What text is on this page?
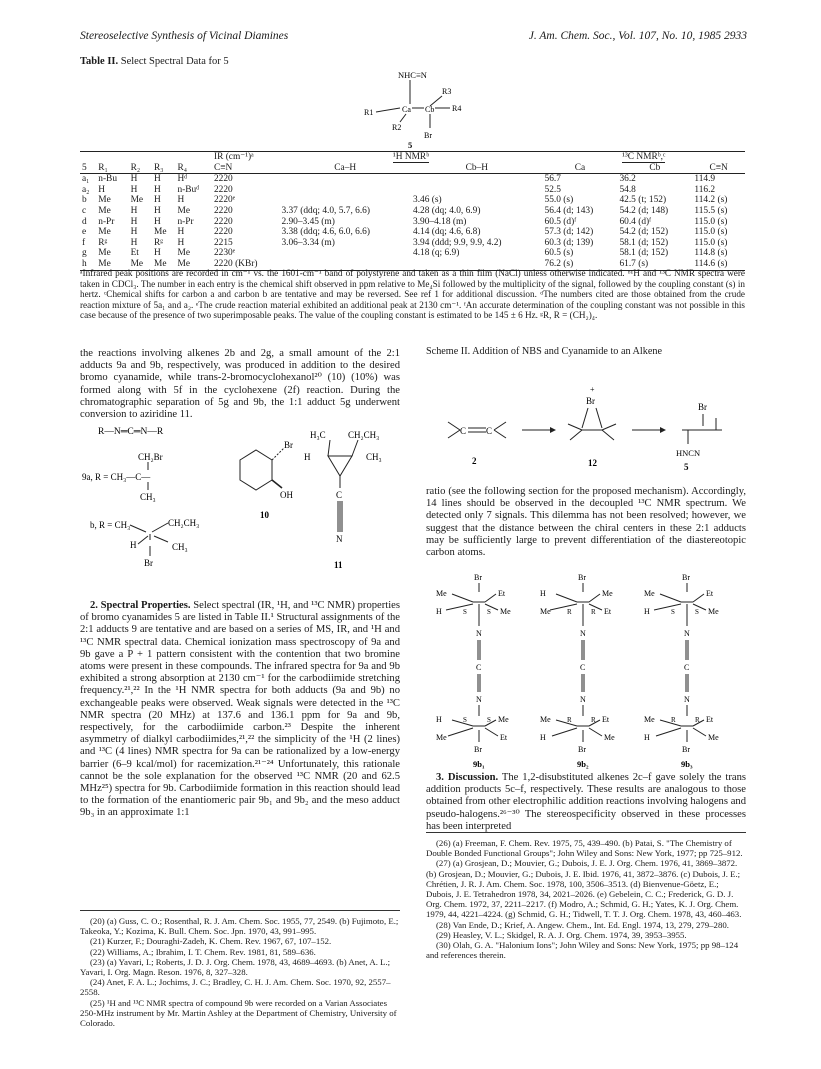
Stereoselective Synthesis of Vicinal Diamines	J. Am. Chem. Soc., Vol. 107, No. 10, 1985 2933
Table II. Select Spectral Data for 5
NHC≡N
R3
R4
R1	Ca Cb
R2
Br
5
					IR (cm⁻¹)ᵃ	¹H NMRᵇ		¹³C NMRᵇ,ᶜ		
5	R₁	R₂	R₃	R₄	C≡N	Ca–H	Cb–H	Ca	Cb	C≡N
a₁	n-Bu	H	H	Hᵈ	2220			56.7	36.2	114.9
a₂	H	H	H	n-Buᵈ	2220			52.5	54.8	116.2
b	Me	Me	H	H	2220ᵉ		3.46 (s)	55.0 (s)	42.5 (t; 152)	114.2 (s)
c	Me	H	H	Me	2220	3.37 (ddq; 4.0, 5.7, 6.6)	4.28 (dq; 4.0, 6.9)	56.4 (d; 143)	54.2 (d; 148)	115.5 (s)
d	n-Pr	H	H	n-Pr	2220	2.90–3.45 (m)	3.90–4.18 (m)	60.5 (d)ᶠ	60.4 (d)ᶠ	115.0 (s)
e	Me	H	Me	H	2220	3.38 (ddq; 4.6, 6.0, 6.6)	4.14 (dq; 4.6, 6.8)	57.3 (d; 142)	54.2 (d; 152)	115.0 (s)
f	Rᵍ	H	Rᵍ	H	2215	3.06–3.34 (m)	3.94 (ddd; 9.9, 9.9, 4.2)	60.3 (d; 139)	58.1 (d; 152)	115.0 (s)
g	Me	Et	H	Me	2230ᵉ		4.18 (q; 6.9)	60.5 (s)	58.1 (d; 152)	114.8 (s)
h	Me	Me	Me	Me	2220 (KBr)			76.2 (s)	61.7 (s)	114.6 (s)
ᵃInfrared peak positions are recorded in cm⁻¹ vs. the 1601-cm⁻¹ band of polystyrene and taken as a thin film (NaCl) unless otherwise indicated. ᵇ¹H and ¹³C NMR spectra were taken in CDCl₃. The number in each entry is the chemical shift observed in ppm relative to Me₄Si followed by the multiplicity of the signal, followed by the coupling constant (s) in hertz. ᶜChemical shifts for carbon a and carbon b are tentative and may be reversed. See ref 1 for additional discussion. ᵈThe numbers cited are those obtained from the crude reaction mixture of 5a₁ and a₂. ᵉThe crude reaction material exhibited an additional peak at 2130 cm⁻¹. ᶠAn accurate determination of the coupling constant was not possible in this case because of the presence of two superimposable peaks. The value of the coupling constant is estimated to be 145 ± 6 Hz. ᵍR, R = (CH₂)₄.
the reactions involving alkenes 2b and 2g, a small amount of the 2:1 adducts 9a and 9b, respectively, was produced in addition to the desired bromo cyanamide, while trans-2-bromocyclohexanol²⁰ (10) (10%) was formed along with 5f in the cyclohexene (2f) reaction. During the chromatographic separation of 5g and 9b, the 1:1 adduct 5g underwent conversion to aziridine 11.
R—N═C═N—R
CH₂Br
9a, R = CH₃—C—
CH₃
b, R = CH₃	CH₂CH₃
H	CH₃
Br
Br
OH
10
H₃C CH₂CH₃
H	CH₃
C
N
11

2. Spectral Properties. Select spectral (IR, ¹H, and ¹³C NMR) properties of bromo cyanamides 5 are listed in Table II.¹ Structural assignments of the 2:1 adducts 9 are tentative and are based on a series of MS, IR, and ¹H and ¹³C NMR spectral data. Chemical ionization mass spectroscopy of 9a and 9b gave a P + 1 pattern consistent with the contention that two bromine atoms were present in these compounds. The infrared spectra for 9a and 9b exhibited a strong absorption at 2130 cm⁻¹ for the carbodiimide stretching frequency.²¹,²² In the ¹H NMR spectra for both adducts (9a and 9b) no exchangeable peaks were observed. Weak signals were detected in the ¹³C NMR spectra (20 MHz) at 137.6 and 136.1 ppm for 9a and 9b, respectively, for the carbodiimide carbon.²³ Despite the inherent asymmetry of dialkyl carbodiimides,²¹,²² the simplicity of the ¹H (2 lines) and ¹³C (4 lines) NMR spectra for 9a can be rationalized by a low-energy barrier (6–9 kcal/mol) for racemization.²¹⁻²⁴ Unfortunately, this rationale cannot be the sole explanation for the observed ¹³C NMR (20 and 62.5 MHz²⁵) spectra for 9b. Carbodiimide formation in this reaction should lead to the formation of the enantiomeric pair 9b₁ and 9b₂ and the meso adduct 9b₃ in an approximate 1:1

(20) (a) Guss, C. O.; Rosenthal, R. J. Am. Chem. Soc. 1955, 77, 2549. (b) Fujimoto, E.; Takeoka, Y.; Kozima, K. Bull. Chem. Soc. Jpn. 1970, 43, 991–995.

(21) Kurzer, F.; Douraghi-Zadeh, K. Chem. Rev. 1967, 67, 107–152.

(22) Williams, A.; Ibrahim, I. T. Chem. Rev. 1981, 81, 589–636.

(23) (a) Yavari, I.; Roberts, J. D. J. Org. Chem. 1978, 43, 4689–4693. (b) Anet, A. L.; Yavari, I. Org. Magn. Reson. 1976, 8, 327–328.

(24) Anet, F. A. L.; Jochims, J. C.; Bradley, C. H. J. Am. Chem. Soc. 1970, 92, 2557–2558.

(25) ¹H and ¹³C NMR spectra of compound 9b were recorded on a Varian Associates 250-MHz instrument by Mr. Martin Ashley at the Department of Chemistry, University of Colorado.

Scheme II. Addition of NBS and Cyanamide to an Alkene
C C
2
+
Br
12
Br
HNCN
5
ratio (see the following section for the proposed mechanism). Accordingly, 14 lines should be observed in the decoupled ¹³C NMR spectrum. We detected only 7 signals. This dilemma has not been resolved; however, we suggest that the distance between the chiral centers in these 2:1 adducts may be sufficiently large to prevent differentiation of the diastereotopic carbon atoms.
Br
Me	Et
H	S	S Me
N
C
N
H	S	S Me
Me	Et
Br
9b₁
Br
H	Me
Me R	R Et
N
C
N
Me R	R Et
H	Me
Br
9b₂
Br
Me	Et
H	S	S Me
N
C
N
Me R	R Et
H	Me
Br
9b₃

3. Discussion. The 1,2-disubstituted alkenes 2c–f gave solely the trans addition products 5c–f, respectively. These results are analogous to those obtained from other electrophilic addition reactions involving halogens and pseudo-halogens.²⁶⁻³⁰ The stereospecificity observed in these processes has been interpreted

(26) (a) Freeman, F. Chem. Rev. 1975, 75, 439–490. (b) Patai, S. "The Chemistry of Double Bonded Functional Groups"; John Wiley and Sons: New York, 1977; pp 725–912.

(27) (a) Grosjean, D.; Mouvier, G.; Dubois, J. E. J. Org. Chem. 1976, 41, 3869–3872. (b) Grosjean, D.; Mouvier, G.; Dubois, J. E. Ibid. 1976, 41, 3872–3876. (c) Dubois, J. E.; Chrétien, J. R. J. Am. Chem. Soc. 1978, 100, 3506–3513. (d) Bienvenue-Göetz, E.; Dubois, J. E. Tetrahedron 1978, 34, 2021–2026. (e) Gebelein, C. C.; Frederick, G. D. J. Org. Chem. 1972, 37, 2211–2217. (f) Modro, A.; Schmid, G. H.; Yates, K. J. Org. Chem. 1979, 44, 4221–4224. (g) Schmid, G. H.; Tidwell, T. T. J. Org. Chem. 1978, 43, 460–463.

(28) Van Ende, D.; Krief, A. Angew. Chem., Int. Ed. Engl. 1974, 13, 279, 279–280.

(29) Heasley, V. L.; Skidgel, R. A. J. Org. Chem. 1974, 39, 3953–3955.

(30) Olah, G. A. "Halonium Ions"; John Wiley and Sons: New York, 1975; pp 98–124 and references therein.
